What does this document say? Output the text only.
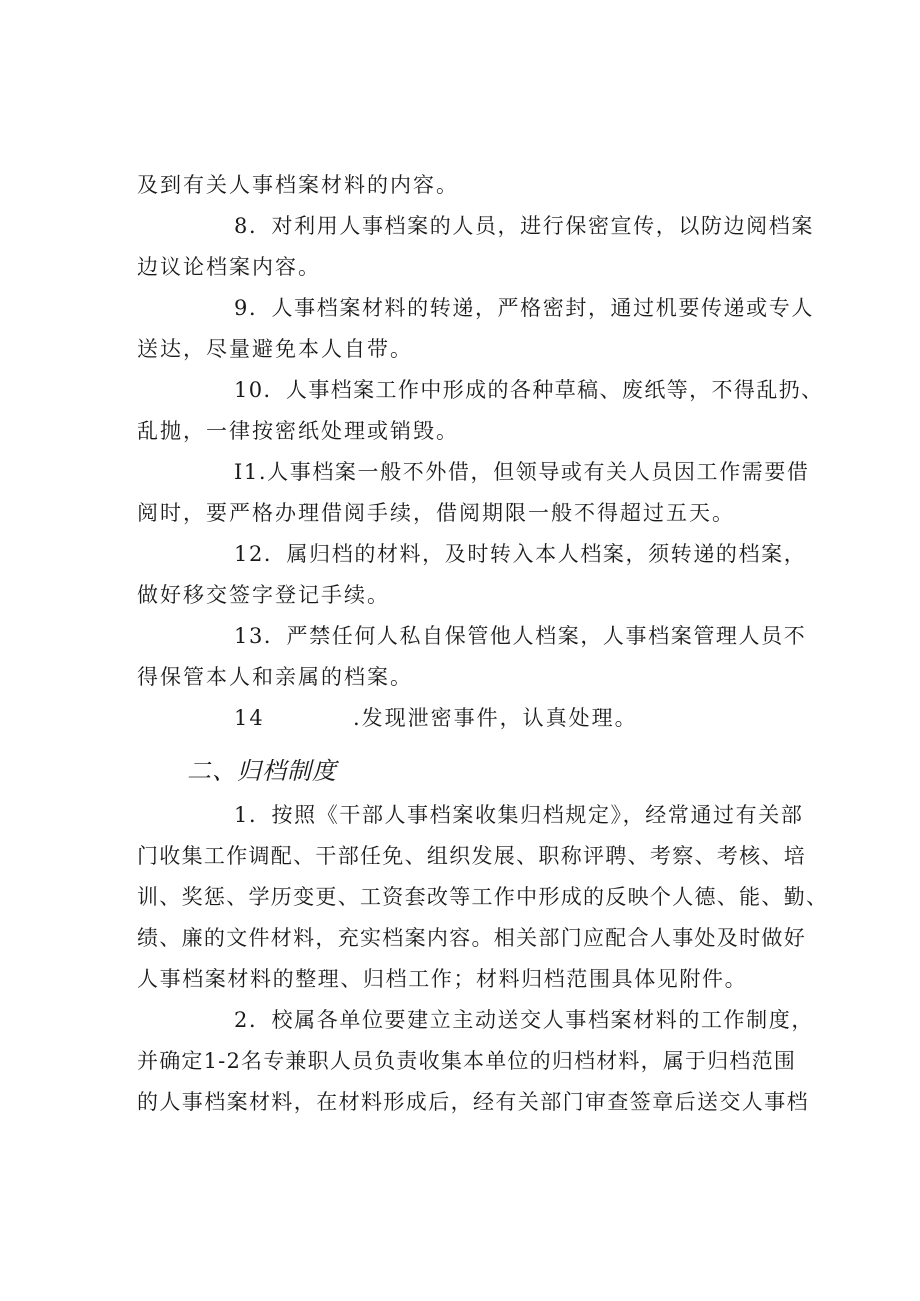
及到有关人事档案材料的内容。
8．对利用人事档案的人员，进行保密宣传，以防边阅档案
边议论档案内容。
9．人事档案材料的转递，严格密封，通过机要传递或专人
送达，尽量避免本人自带。
10．人事档案工作中形成的各种草稿、废纸等，不得乱扔、
乱抛，一律按密纸处理或销毁。
I1.人事档案一般不外借，但领导或有关人员因工作需要借
阅时，要严格办理借阅手续，借阅期限一般不得超过五天。
12．属归档的材料，及时转入本人档案，须转递的档案，
做好移交签字登记手续。
13．严禁任何人私自保管他人档案，人事档案管理人员不
得保管本人和亲属的档案。
14	.发现泄密事件，认真处理。
二、归档制度
1．按照《干部人事档案收集归档规定》，经常通过有关部
门收集工作调配、干部任免、组织发展、职称评聘、考察、考核、培
训、奖惩、学历变更、工资套改等工作中形成的反映个人德、能、勤、
绩、廉的文件材料，充实档案内容。相关部门应配合人事处及时做好
人事档案材料的整理、归档工作；材料归档范围具体见附件。
2．校属各单位要建立主动送交人事档案材料的工作制度，
并确定1-2名专兼职人员负责收集本单位的归档材料，属于归档范围
的人事档案材料，在材料形成后，经有关部门审查签章后送交人事档
